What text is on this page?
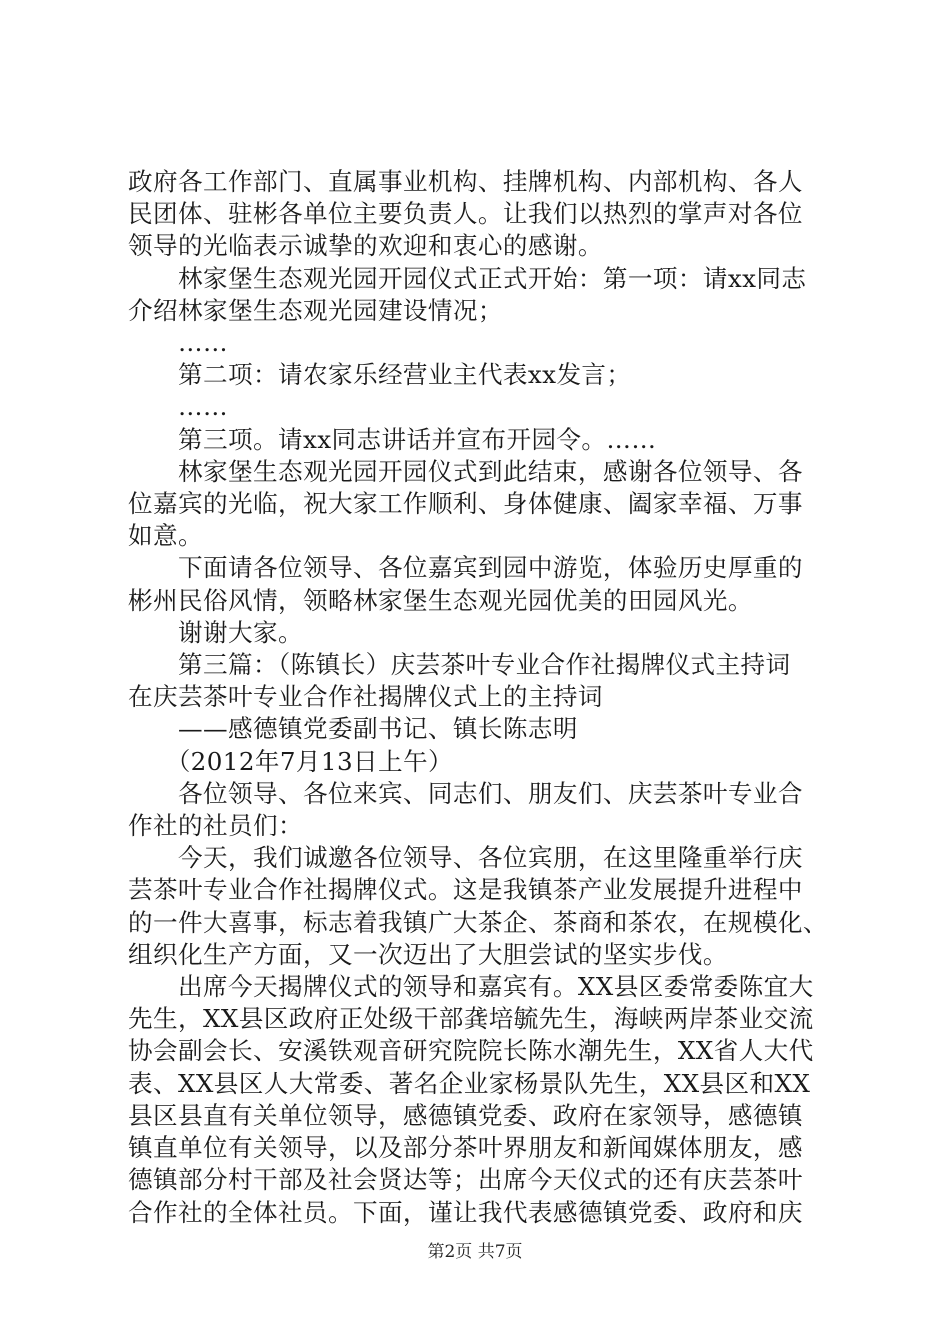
政府各工作部门、直属事业机构、挂牌机构、内部机构、各人
民团体、驻彬各单位主要负责人。让我们以热烈的掌声对各位
领导的光临表示诚挚的欢迎和衷心的感谢。
　　林家堡生态观光园开园仪式正式开始：第一项：请xx同志
介绍林家堡生态观光园建设情况；
　　……
　　第二项：请农家乐经营业主代表xx发言；
　　……
　　第三项。请xx同志讲话并宣布开园令。……
　　林家堡生态观光园开园仪式到此结束，感谢各位领导、各
位嘉宾的光临，祝大家工作顺利、身体健康、阖家幸福、万事
如意。
　　下面请各位领导、各位嘉宾到园中游览，体验历史厚重的
彬州民俗风情，领略林家堡生态观光园优美的田园风光。
　　谢谢大家。
　　第三篇：（陈镇长）庆芸茶叶专业合作社揭牌仪式主持词
在庆芸茶叶专业合作社揭牌仪式上的主持词
　　——感德镇党委副书记、镇长陈志明
　　（2012年7月13日上午）
　　各位领导、各位来宾、同志们、朋友们、庆芸茶叶专业合
作社的社员们：
　　今天，我们诚邀各位领导、各位宾朋，在这里隆重举行庆
芸茶叶专业合作社揭牌仪式。这是我镇茶产业发展提升进程中
的一件大喜事，标志着我镇广大茶企、茶商和茶农，在规模化、
组织化生产方面，又一次迈出了大胆尝试的坚实步伐。
　　出席今天揭牌仪式的领导和嘉宾有。XX县区委常委陈宜大
先生，XX县区政府正处级干部龚培毓先生，海峡两岸茶业交流
协会副会长、安溪铁观音研究院院长陈水潮先生，XX省人大代
表、XX县区人大常委、著名企业家杨景队先生，XX县区和XX
县区县直有关单位领导，感德镇党委、政府在家领导，感德镇
镇直单位有关领导，以及部分茶叶界朋友和新闻媒体朋友，感
德镇部分村干部及社会贤达等；出席今天仪式的还有庆芸茶叶
合作社的全体社员。下面，谨让我代表感德镇党委、政府和庆
第2页 共7页
